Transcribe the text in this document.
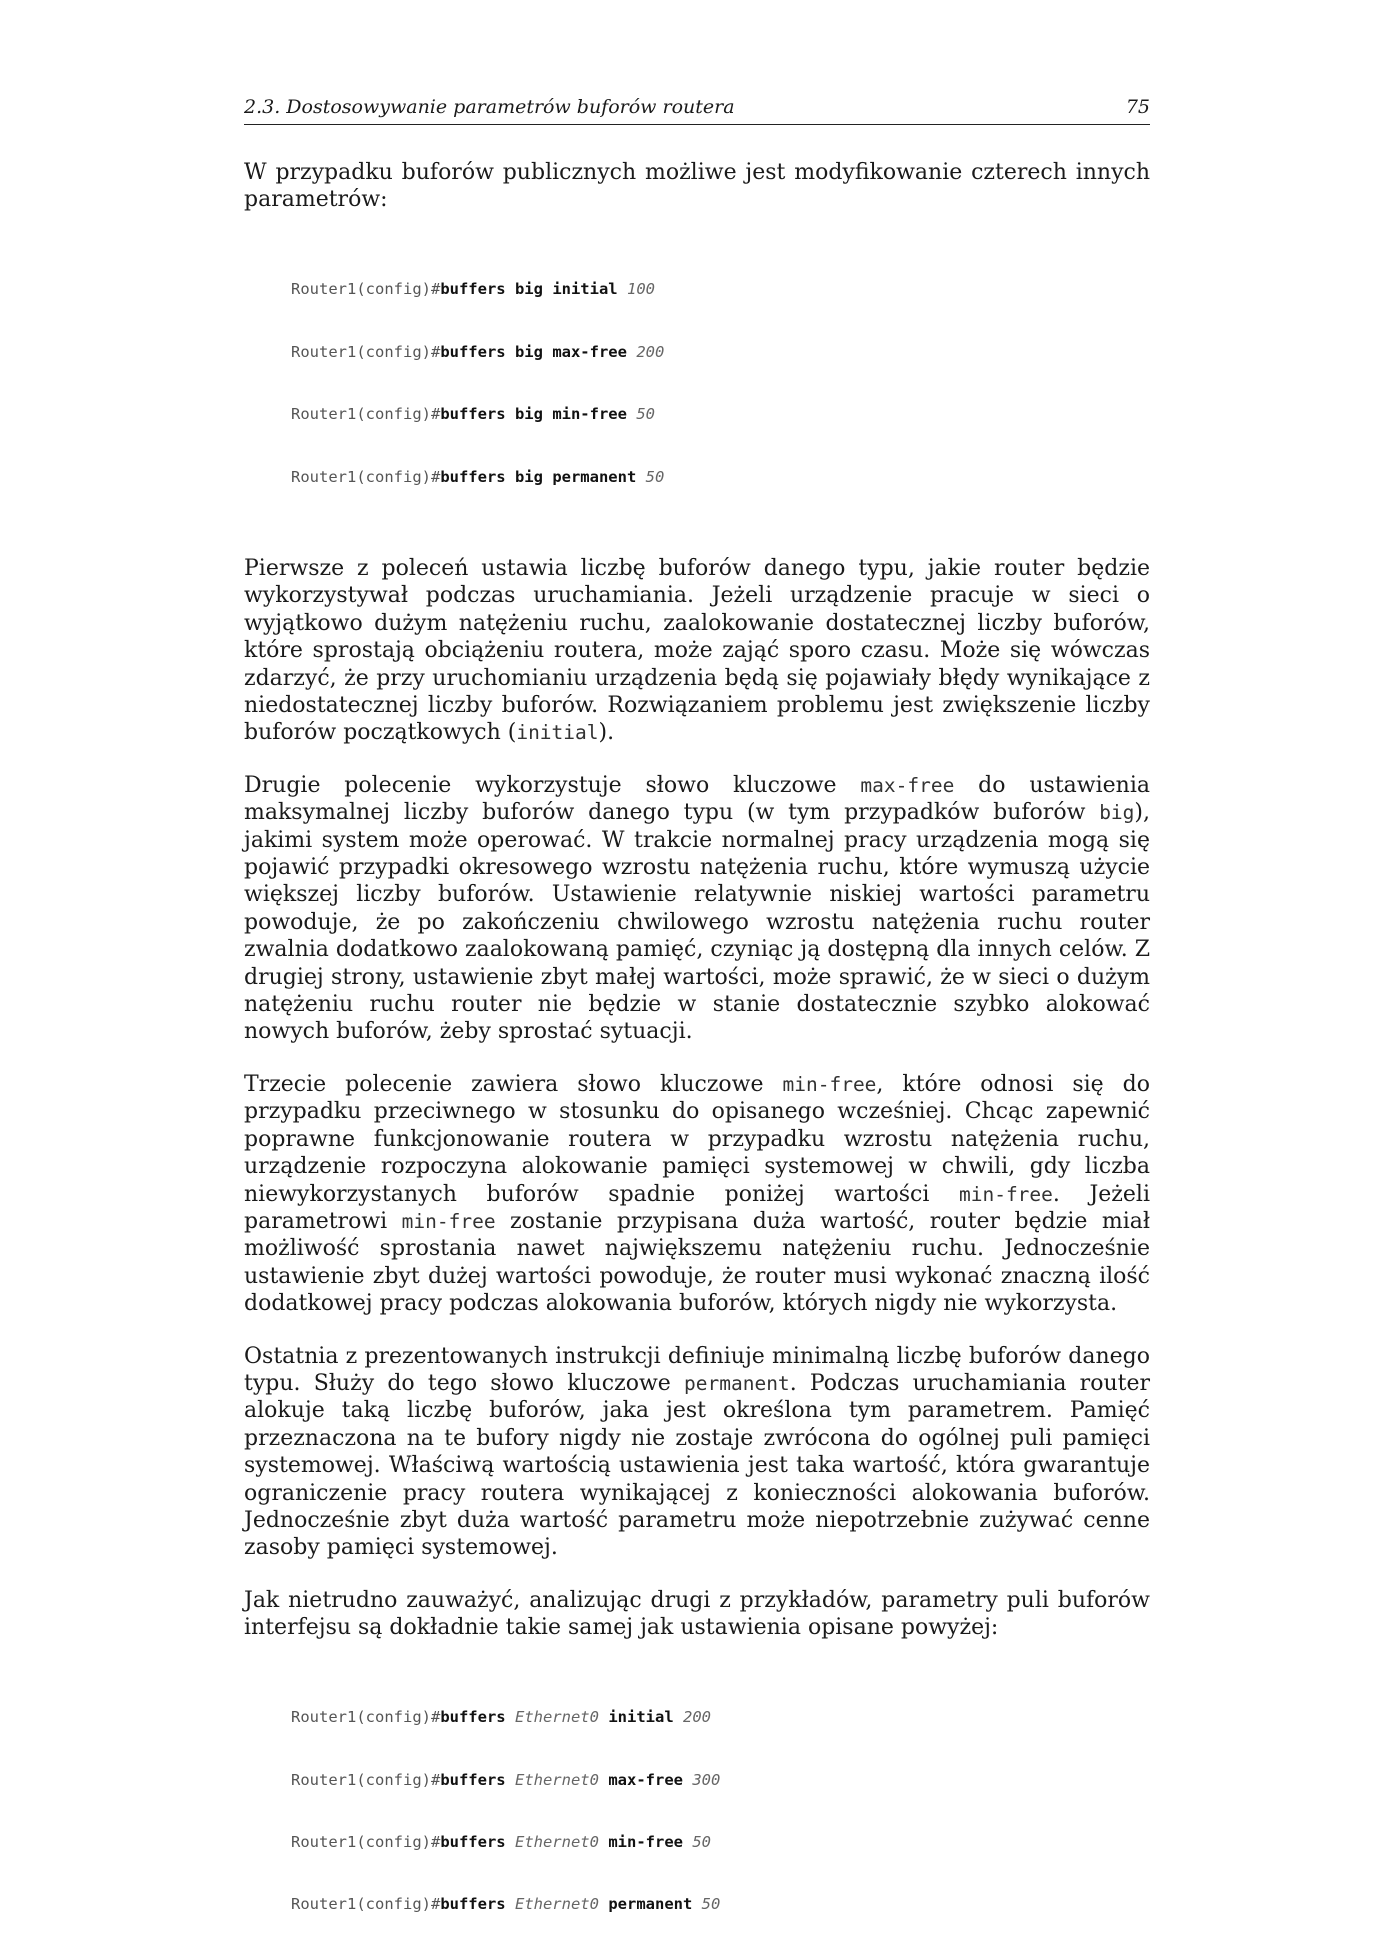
2.3. Dostosowywanie parametrów buforów routera	75

W przypadku buforów publicznych możliwe jest modyfikowanie czterech innych parametrów:

Router1(config)#buffers big initial 100

Router1(config)#buffers big max-free 200

Router1(config)#buffers big min-free 50

Router1(config)#buffers big permanent 50

Pierwsze z poleceń ustawia liczbę buforów danego typu, jakie router będzie wykorzystywał podczas uruchamiania. Jeżeli urządzenie pracuje w sieci o wyjątkowo dużym natężeniu ruchu, zaalokowanie dostatecznej liczby buforów, które sprostają obciążeniu routera, może zająć sporo czasu. Może się wówczas zdarzyć, że przy uruchomianiu urządzenia będą się pojawiały błędy wynikające z niedostatecznej liczby buforów. Rozwiązaniem problemu jest zwiększenie liczby buforów początkowych (initial).

Drugie polecenie wykorzystuje słowo kluczowe max-free do ustawienia maksymalnej liczby buforów danego typu (w tym przypadków buforów big), jakimi system może operować. W trakcie normalnej pracy urządzenia mogą się pojawić przypadki okresowego wzrostu natężenia ruchu, które wymuszą użycie większej liczby buforów. Ustawienie relatywnie niskiej wartości parametru powoduje, że po zakończeniu chwilowego wzrostu natężenia ruchu router zwalnia dodatkowo zaalokowaną pamięć, czyniąc ją dostępną dla innych celów. Z drugiej strony, ustawienie zbyt małej wartości, może sprawić, że w sieci o dużym natężeniu ruchu router nie będzie w stanie dostatecznie szybko alokować nowych buforów, żeby sprostać sytuacji.

Trzecie polecenie zawiera słowo kluczowe min-free, które odnosi się do przypadku przeciwnego w stosunku do opisanego wcześniej. Chcąc zapewnić poprawne funkcjonowanie routera w przypadku wzrostu natężenia ruchu, urządzenie rozpoczyna alokowanie pamięci systemowej w chwili, gdy liczba niewykorzystanych buforów spadnie poniżej wartości min-free. Jeżeli parametrowi min-free zostanie przypisana duża wartość, router będzie miał możliwość sprostania nawet największemu natężeniu ruchu. Jednocześnie ustawienie zbyt dużej wartości powoduje, że router musi wykonać znaczną ilość dodatkowej pracy podczas alokowania buforów, których nigdy nie wykorzysta.

Ostatnia z prezentowanych instrukcji definiuje minimalną liczbę buforów danego typu. Służy do tego słowo kluczowe permanent. Podczas uruchamiania router alokuje taką liczbę buforów, jaka jest określona tym parametrem. Pamięć przeznaczona na te bufory nigdy nie zostaje zwrócona do ogólnej puli pamięci systemowej. Właściwą wartością ustawienia jest taka wartość, która gwarantuje ograniczenie pracy routera wynikającej z konieczności alokowania buforów. Jednocześnie zbyt duża wartość parametru może niepotrzebnie zużywać cenne zasoby pamięci systemowej.

Jak nietrudno zauważyć, analizując drugi z przykładów, parametry puli buforów interfejsu są dokładnie takie samej jak ustawienia opisane powyżej:

Router1(config)#buffers Ethernet0 initial 200

Router1(config)#buffers Ethernet0 max-free 300

Router1(config)#buffers Ethernet0 min-free 50

Router1(config)#buffers Ethernet0 permanent 50
